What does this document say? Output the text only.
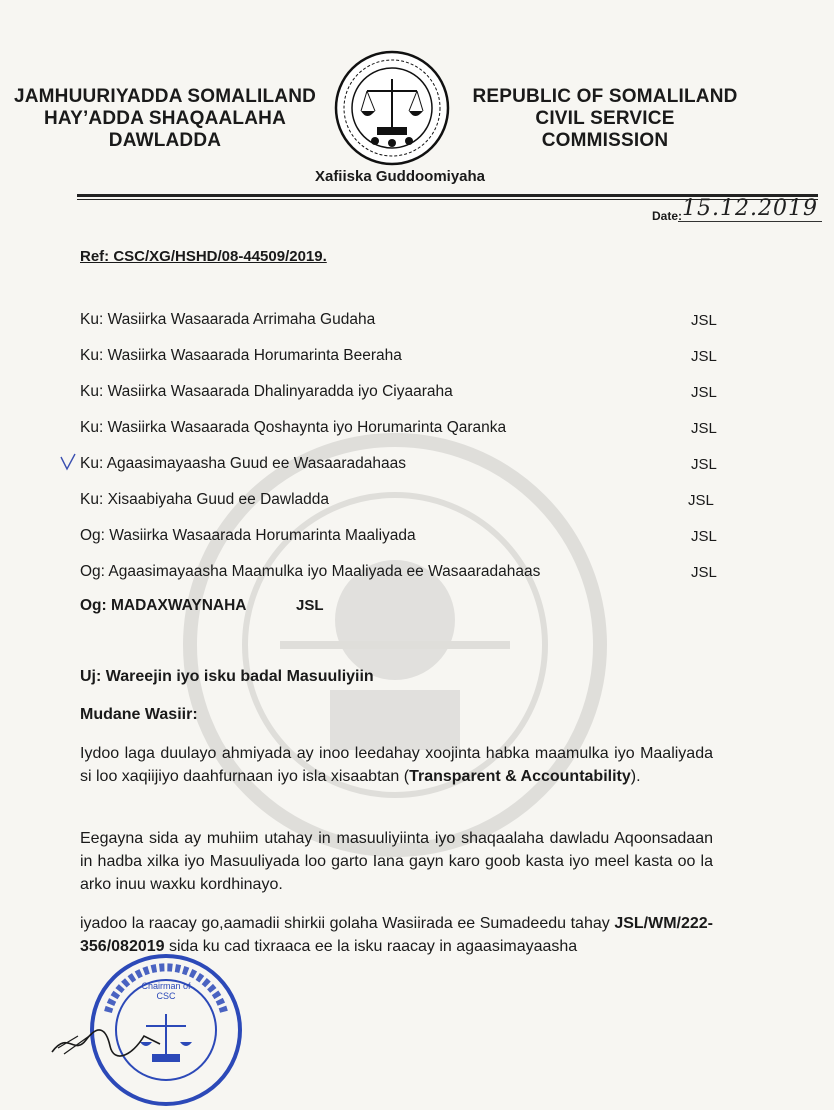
JAMHUURIYADDA SOMALILAND
HAY’ADDA SHAQAALAHA
DAWLADDA
REPUBLIC OF SOMALILAND
CIVIL SERVICE
COMMISSION
Xafiiska Guddoomiyaha
Date: 15.12.2019
Ref: CSC/XG/HSHD/08-44509/2019.
Ku: Wasiirka Wasaarada Arrimaha Gudaha	JSL
Ku: Wasiirka Wasaarada Horumarinta Beeraha	JSL
Ku: Wasiirka Wasaarada Dhalinyaradda iyo Ciyaaraha	JSL
Ku: Wasiirka Wasaarada Qoshaynta iyo Horumarinta Qaranka	JSL
Ku: Agaasimayaasha Guud ee Wasaaradahaas	JSL
Ku: Xisaabiyaha Guud ee Dawladda	JSL
Og: Wasiirka Wasaarada Horumarinta Maaliyada	JSL
Og: Agaasimayaasha Maamulka iyo Maaliyada ee Wasaaradahaas	JSL
Og: MADAXWAYNAHA	JSL
Uj: Wareejin iyo isku badal Masuuliyiin
Mudane Wasiir:
Iydoo laga duulayo ahmiyada ay inoo leedahay xoojinta habka maamulka iyo Maaliyada si loo xaqiijiyo daahfurnaan iyo isla xisaabtan (Transparent & Accountability).
Eegayna sida ay muhiim utahay in masuuliyiinta iyo shaqaalaha dawladu Aqoonsadaan in hadba xilka iyo Masuuliyada loo garto Iana gayn karo goob kasta iyo meel kasta oo la arko inuu waxku kordhinayo.
iyadoo la raacay go,aamadii shirkii golaha Wasiirada ee Sumadeedu tahay JSL/WM/222-356/082019 sida ku cad tixraaca ee la isku raacay in agaasimayaasha
Chairman of
CSC
